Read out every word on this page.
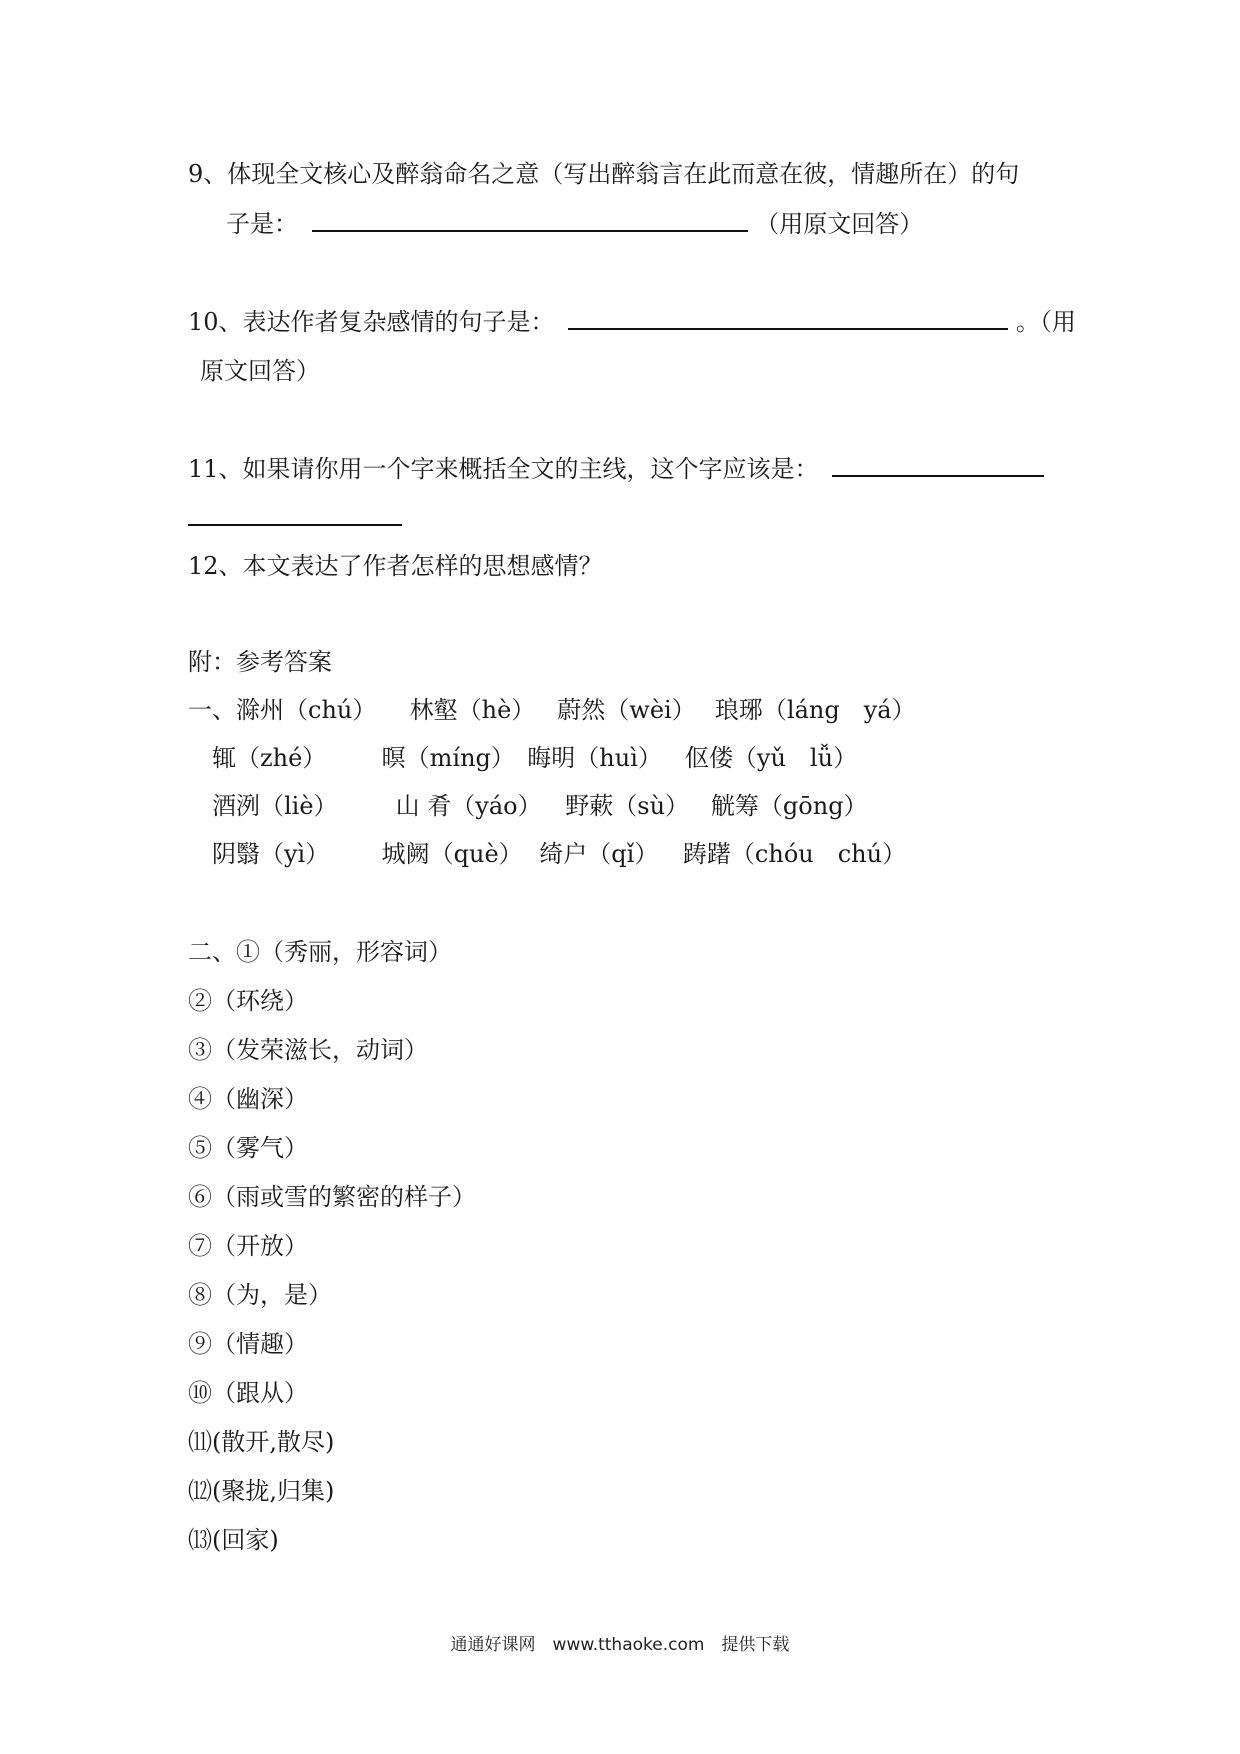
9、体现全文核心及醉翁命名之意（写出醉翁言在此而意在彼，情趣所在）的句
子是：	（用原文回答）
10、表达作者复杂感情的句子是：	。（用
原文回答）
11、如果请你用一个字来概括全文的主线，这个字应该是：
12、本文表达了作者怎样的思想感情？
附：参考答案
一、 滁州（chú） 林壑（hè） 蔚然（wèi） 琅琊（láng　yá）
辄（zhé） 暝（míng） 晦明（huì） 伛偻（yǔ　lǚ）
酒洌（liè） 山 肴（yáo） 野蔌（sù） 觥筹（gōng）
阴翳（yì） 城阙（què） 绮户（qǐ） 踌躇（chóu　chú）
二、①（秀丽，形容词）
②（环绕）
③（发荣滋长，动词）
④（幽深）
⑤（雾气）
⑥（雨或雪的繁密的样子）
⑦（开放）
⑧（为，是）
⑨（情趣）
⑩（跟从）
⑾(散开,散尽)
⑿(聚拢,归集)
⒀(回家)
通通好课网　www.tthaoke.com　提供下载
